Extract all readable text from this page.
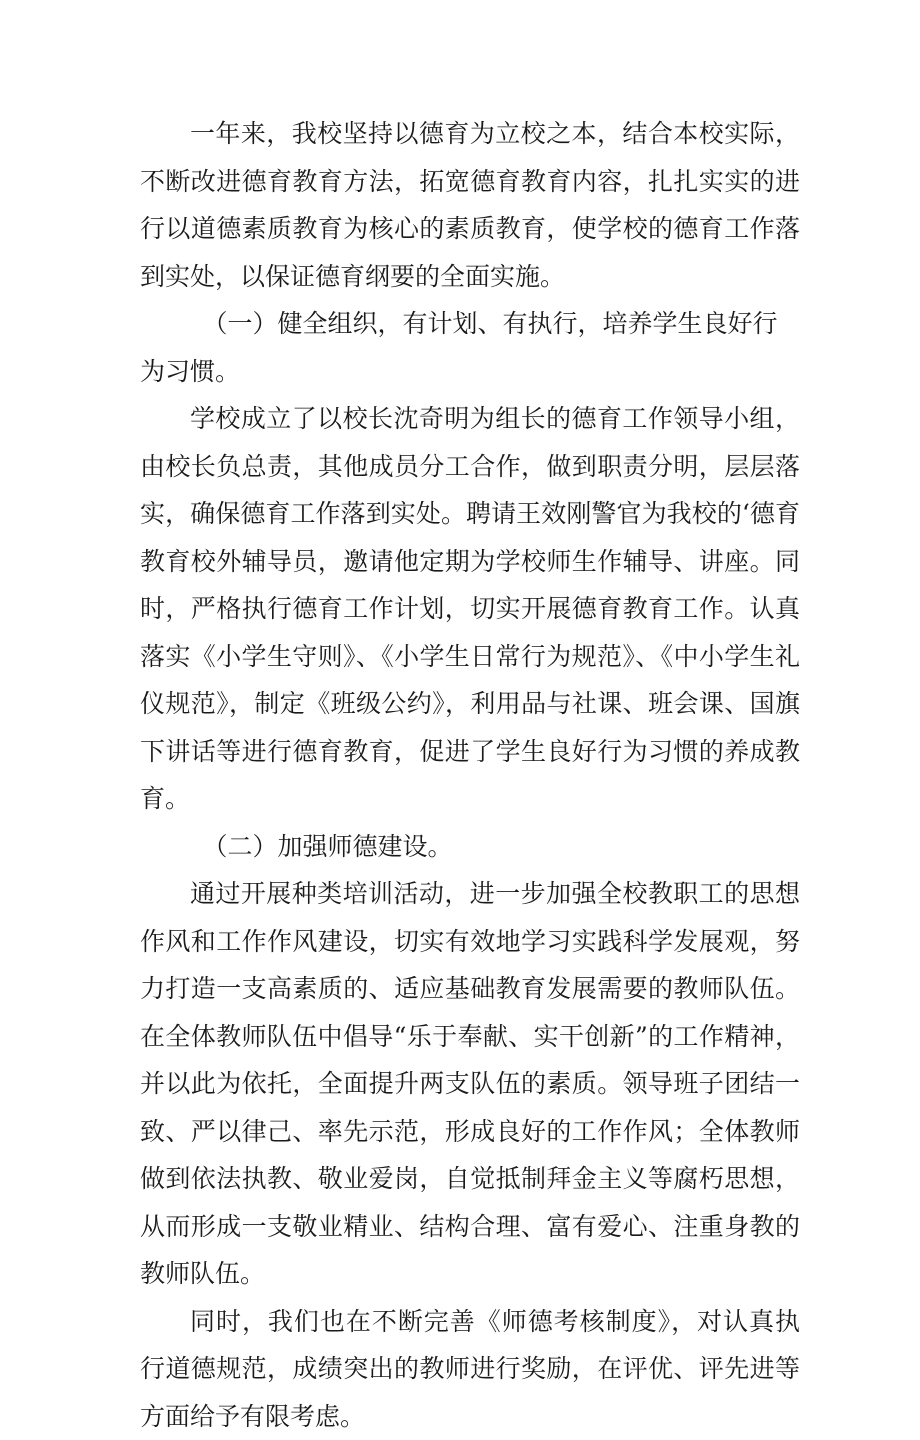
一年来，我校坚持以德育为立校之本，结合本校实际，不断改进德育教育方法，拓宽德育教育内容，扎扎实实的进行以道德素质教育为核心的素质教育，使学校的德育工作落到实处，以保证德育纲要的全面实施。

（一）健全组织，有计划、有执行，培养学生良好行为习惯。

学校成立了以校长沈奇明为组长的德育工作领导小组，由校长负总责，其他成员分工合作，做到职责分明，层层落实，确保德育工作落到实处。聘请王效刚警官为我校的‘德育教育校外辅导员，邀请他定期为学校师生作辅导、讲座。同时，严格执行德育工作计划，切实开展德育教育工作。认真落实《小学生守则》、《小学生日常行为规范》、《中小学生礼仪规范》，制定《班级公约》，利用品与社课、班会课、国旗下讲话等进行德育教育，促进了学生良好行为习惯的养成教育。

（二）加强师德建设。

通过开展种类培训活动，进一步加强全校教职工的思想作风和工作作风建设，切实有效地学习实践科学发展观，努力打造一支高素质的、适应基础教育发展需要的教师队伍。在全体教师队伍中倡导“乐于奉献、实干创新”的工作精神，并以此为依托，全面提升两支队伍的素质。领导班子团结一致、严以律己、率先示范，形成良好的工作作风；全体教师做到依法执教、敬业爱岗，自觉抵制拜金主义等腐朽思想，从而形成一支敬业精业、结构合理、富有爱心、注重身教的教师队伍。

同时，我们也在不断完善《师德考核制度》，对认真执行道德规范，成绩突出的教师进行奖励，在评优、评先进等方面给予有限考虑。
